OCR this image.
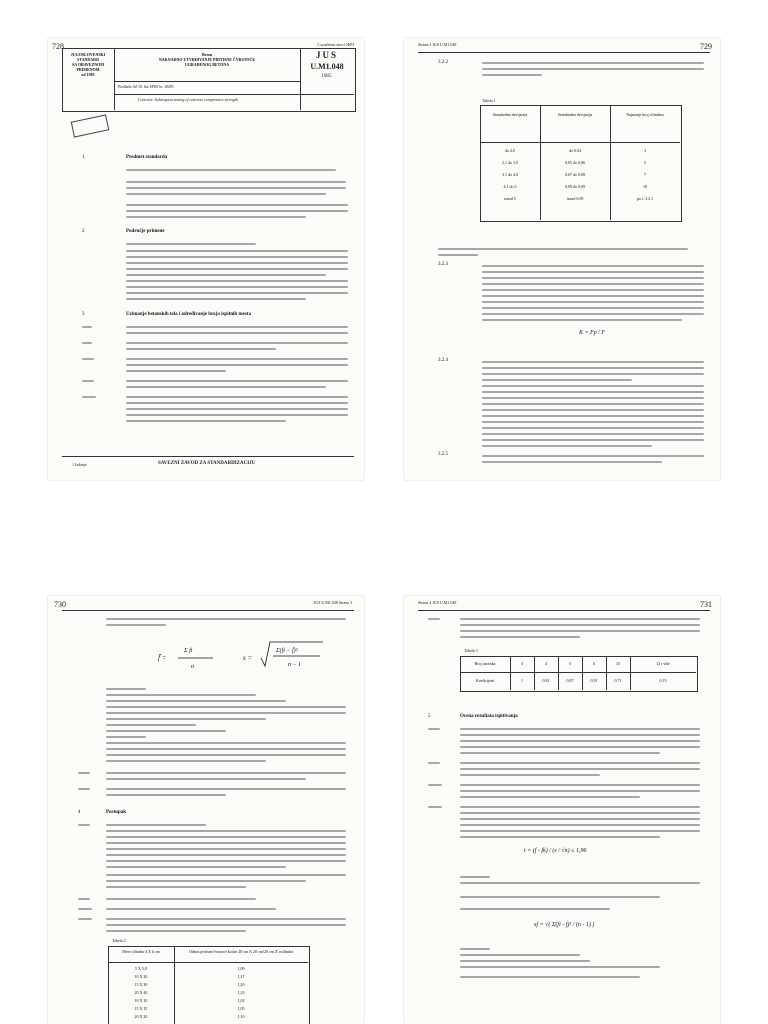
728	Службени лист СФРЈ
JUGOSLOVENSKI
STANDARD
SA OBAVEZNOM
PRIMENOM
od 1985
Beton
NAKNADNO UTVRĐIVANJE PRITISNE ČVRSTOĆE
UGRAĐENOG BETONA
JUS
U.M1.048
1985.
Predlaže SZ Sl. list SFRJ br. 48/85
Concrete. Subsequent testing of concrete compressive strength
1	Predmet standarda
2	Područje primene
3	Uzimanje betonskih tela i određivanje broja ispitnih mesta
1 Izdanje	SAVEZNI ZAVOD ZA STANDARDIZACIJU
Strana 2 JUS U.M1.048	729
3.2.2
Tabela 1
Standardna devijacija	Standardna devijacija	Najmanji broj cilindara
do 2,0	do 0,04	3
2,1 do 3,0	0,05 do 0,06	5
3,1 do 4,0	0,07 do 0,08	7
4,1 do 5	0,09 do 0,09	10
iznad 5	iznad 0,09	po t. 3.2.1
3.2.3
K = Fp / F
3.2.4
3.2.5
730	JUS U.M1.048 Strana 3
f̄ =
Σ fi
n
s =
Σ(fi − f̄)²
n − 1
4	Postupak
Tabela 2
Mere cilindra d X h cm	Odnos pritisne čvrstoće kocke 20 cm X 20 cm/20 cm X ocilindra
5 X 5,0	1,09
10 X 20	1,17
15 X 30	1,20
20 X 40	1,23
10 X 10	1,02
15 X 15	1,05
20 X 20	1,10
Strana 4 JUS U.M1.048	731
Tabela 3
Broj uzoraka	3	4	5	6	15	12 i više
Koeficijent	1	0,81	0,87	0,91	0,71	0,15
5	Ocena rezultata ispitivanja
t = (f - fk) / (s / √n) ≤ 1,96
sf = √( Σ(fi - f)² / (n - 1) )
